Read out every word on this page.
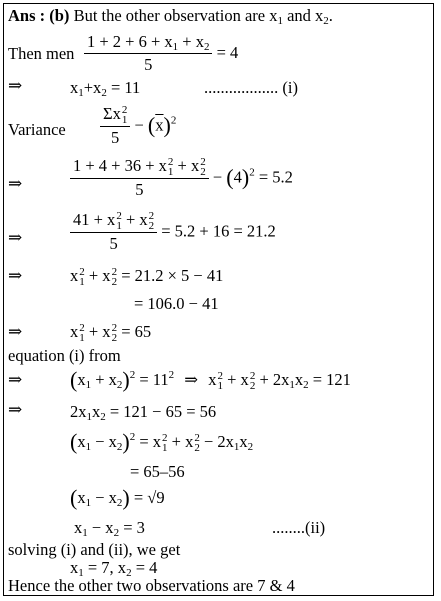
Ans : (b) But the other observation are $x_1$ and $x_2$.
Then men $\frac{1 + 2 + 6 + x_1 + x_2}{5} = 4$
⇒	$x_1+x_2 = 11$	.................. (i)
Variance Σx 2
1
$5 - (\overline{x})^2$
⇒	1 + 4 + 36 + x 2
1 + x 2
2
$5 - (4)^2 = 5.2$
⇒	41 + x 2
1 + x 2
2
5 = 5.2 + 16 = 21.2
⇒	x 2
1 + x 2
2 = 21.2 × 5 − 41
= 106.0 − 41
⇒	x 2
1 + x 2
2 = 65
equation (i) from
⇒ $(x_1 + x_2)^2 = 11^2$ ⇒ x 2
1 + x 2
$2 + 2x_1x_2 = 121$
⇒	$2x_1x_2 = 121 - 65 = 56$
$(x_1 - x_2)^2 = x$ 2
1 + x 2
$2 - 2x_1x_2$
= 65–56
$(x_1 - x_2) = √9$
$x_1 - x_2 = 3$	........(ii)
solving (i) and (ii), we get
$x_1 = 7$, $x_2 = 4$
Hence the other two observations are 7 & 4
